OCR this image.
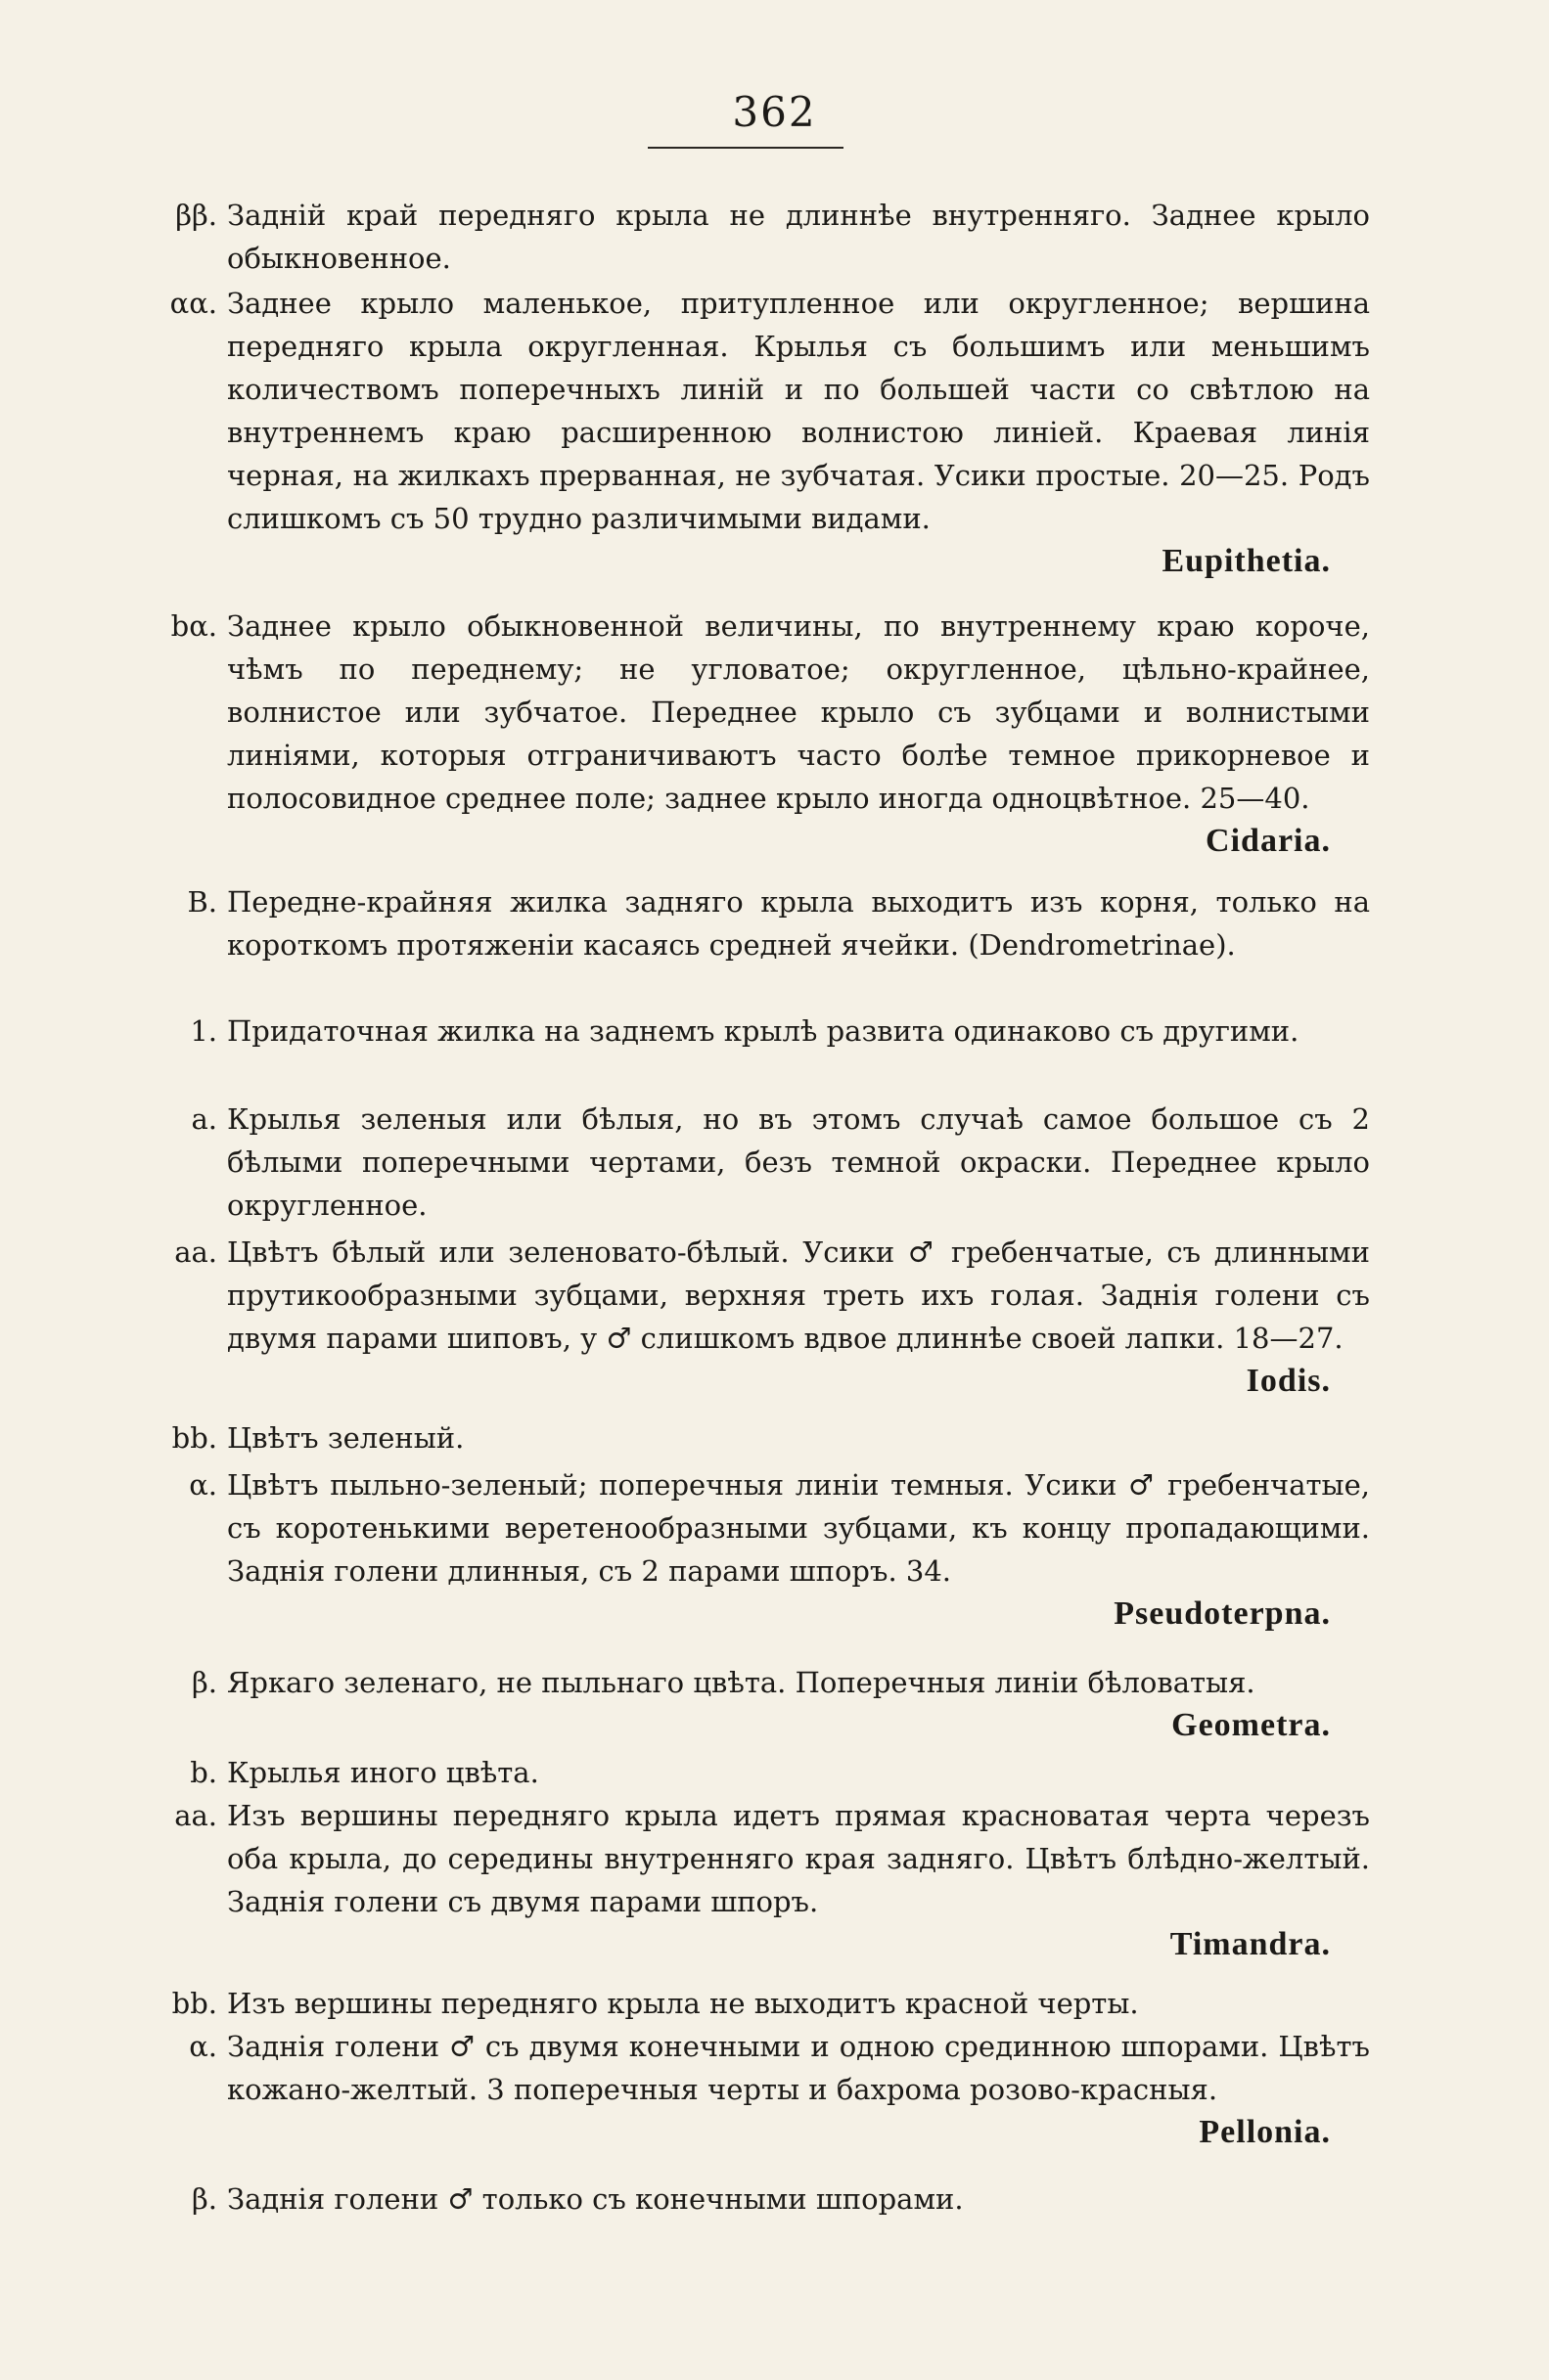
362
ββ. Заднiй край передняго крыла не длиннѣе внутренняго. Заднее крыло обыкновенное.
αα. Заднее крыло маленькое, притупленное или округленное; вершина передняго крыла округленная. Крылья съ большимъ или меньшимъ количествомъ поперечныхъ линiй и по большей части со свѣтлою на внутреннемъ краю расширенною волнистою линiей. Краевая линiя черная, на жилкахъ прерванная, не зубчатая. Усики простые. 20—25. Родъ слишкомъ съ 50 трудно различимыми видами.
Eupithetia.
bα. Заднее крыло обыкновенной величины, по внутреннему краю короче, чѣмъ по переднему; не угловатое; округленное, цѣльно-крайнее, волнистое или зубчатое. Переднее крыло съ зубцами и волнистыми линiями, которыя отграничиваютъ часто болѣе темное прикорневое и полосовидное среднее поле; заднее крыло иногда одноцвѣтное. 25—40.
Cidaria.
B. Передне-крайняя жилка задняго крыла выходитъ изъ корня, только на короткомъ протяженiи касаясь средней ячейки. (Dendrometrinae).
1. Придаточная жилка на заднемъ крылѣ развита одинаково съ другими.
a. Крылья зеленыя или бѣлыя, но въ этомъ случаѣ самое большое съ 2 бѣлыми поперечными чертами, безъ темной окраски. Переднее крыло округленное.
aa. Цвѣтъ бѣлый или зеленовато-бѣлый. Усики ♂ гребенчатые, съ длинными прутикообразными зубцами, верхняя треть ихъ голая. Заднiя голени съ двумя парами шиповъ, у ♂ слишкомъ вдвое длиннѣе своей лапки. 18—27.
Iodis.
bb. Цвѣтъ зеленый.
α. Цвѣтъ пыльно-зеленый; поперечныя линiи темныя. Усики ♂ гребенчатые, съ коротенькими веретенообразными зубцами, къ концу пропадающими. Заднiя голени длинныя, съ 2 парами шпоръ. 34.
Pseudoterpna.
β. Яркаго зеленаго, не пыльнаго цвѣта. Поперечныя линiи бѣловатыя.
Geometra.
b. Крылья иного цвѣта.
aa. Изъ вершины передняго крыла идетъ прямая красноватая черта черезъ оба крыла, до середины внутренняго края задняго. Цвѣтъ блѣдно-желтый. Заднiя голени съ двумя парами шпоръ.
Timandra.
bb. Изъ вершины передняго крыла не выходитъ красной черты.
α. Заднiя голени ♂ съ двумя конечными и одною срединною шпорами. Цвѣтъ кожано-желтый. 3 поперечныя черты и бахрома розово-красныя.
Pellonia.
β. Заднiя голени ♂ только съ конечными шпорами.
